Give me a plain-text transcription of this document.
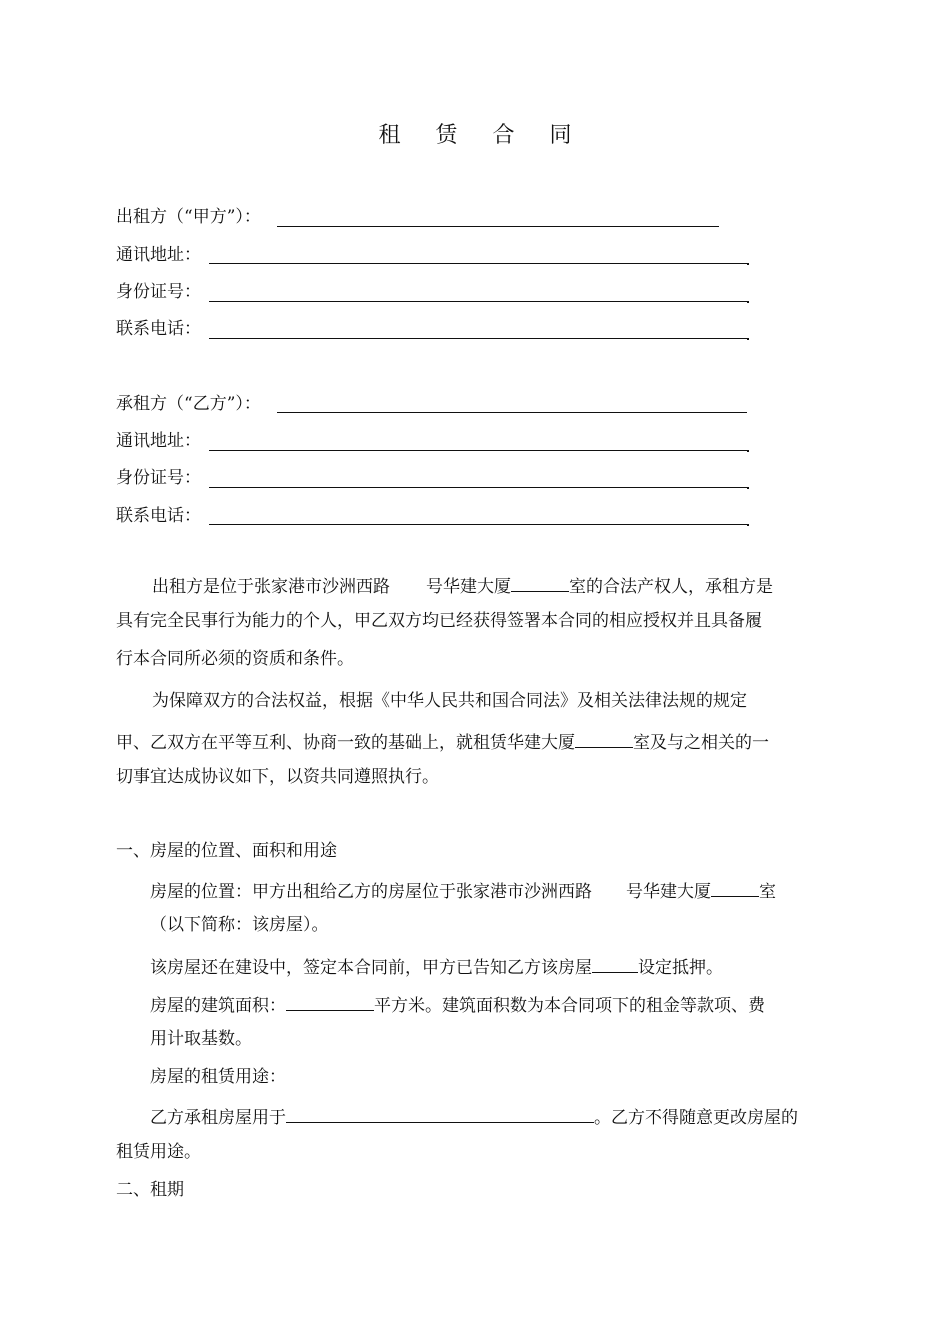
租 赁 合 同
出租方（“甲方”）：
通讯地址：
身份证号：
联系电话：
承租方（“乙方”）：
通讯地址：
身份证号：
联系电话：
出租方是位于张家港市沙洲西路 号华建大厦	室的合法产权人，承租方是
具有完全民事行为能力的个人，甲乙双方均已经获得签署本合同的相应授权并且具备履
行本合同所必须的资质和条件。
为保障双方的合法权益，根据《中华人民共和国合同法》及相关法律法规的规定
甲、乙双方在平等互利、协商一致的基础上，就租赁华建大厦	室及与之相关的一
切事宜达成协议如下，以资共同遵照执行。
一、房屋的位置、面积和用途
房屋的位置：甲方出租给乙方的房屋位于张家港市沙洲西路 号华建大厦	室
（以下简称：该房屋）。
该房屋还在建设中，签定本合同前，甲方已告知乙方该房屋	设定抵押。
房屋的建筑面积：	平方米。建筑面积数为本合同项下的租金等款项、费
用计取基数。
房屋的租赁用途：
乙方承租房屋用于	。乙方不得随意更改房屋的
租赁用途。
二、租期
